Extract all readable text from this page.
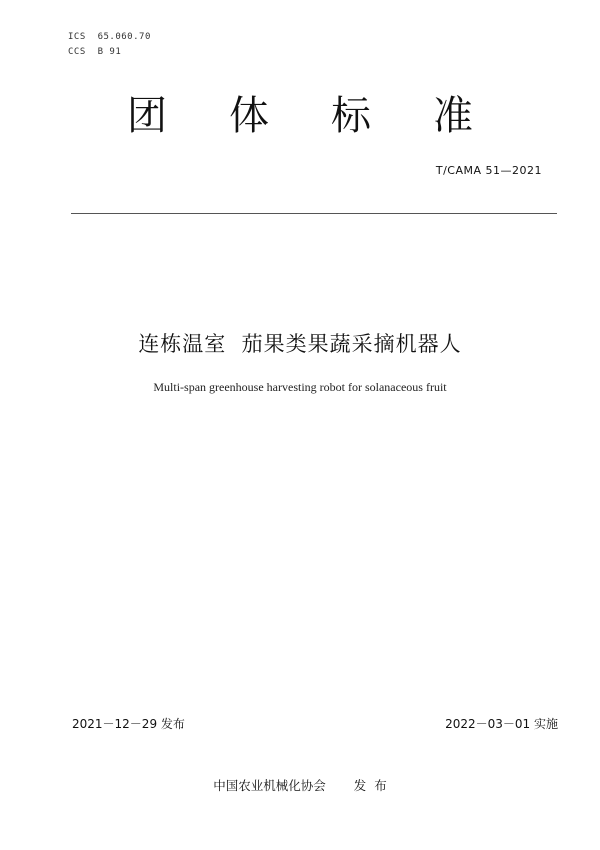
ICS  65.060.70
CCS  B 91
团 体 标 准
T/CAMA 51—2021
连栋温室  茄果类果蔬采摘机器人
Multi-span greenhouse harvesting robot for solanaceous fruit
2021－12－29 发布	2022－03－01 实施
中国农业机械化协会 发  布
